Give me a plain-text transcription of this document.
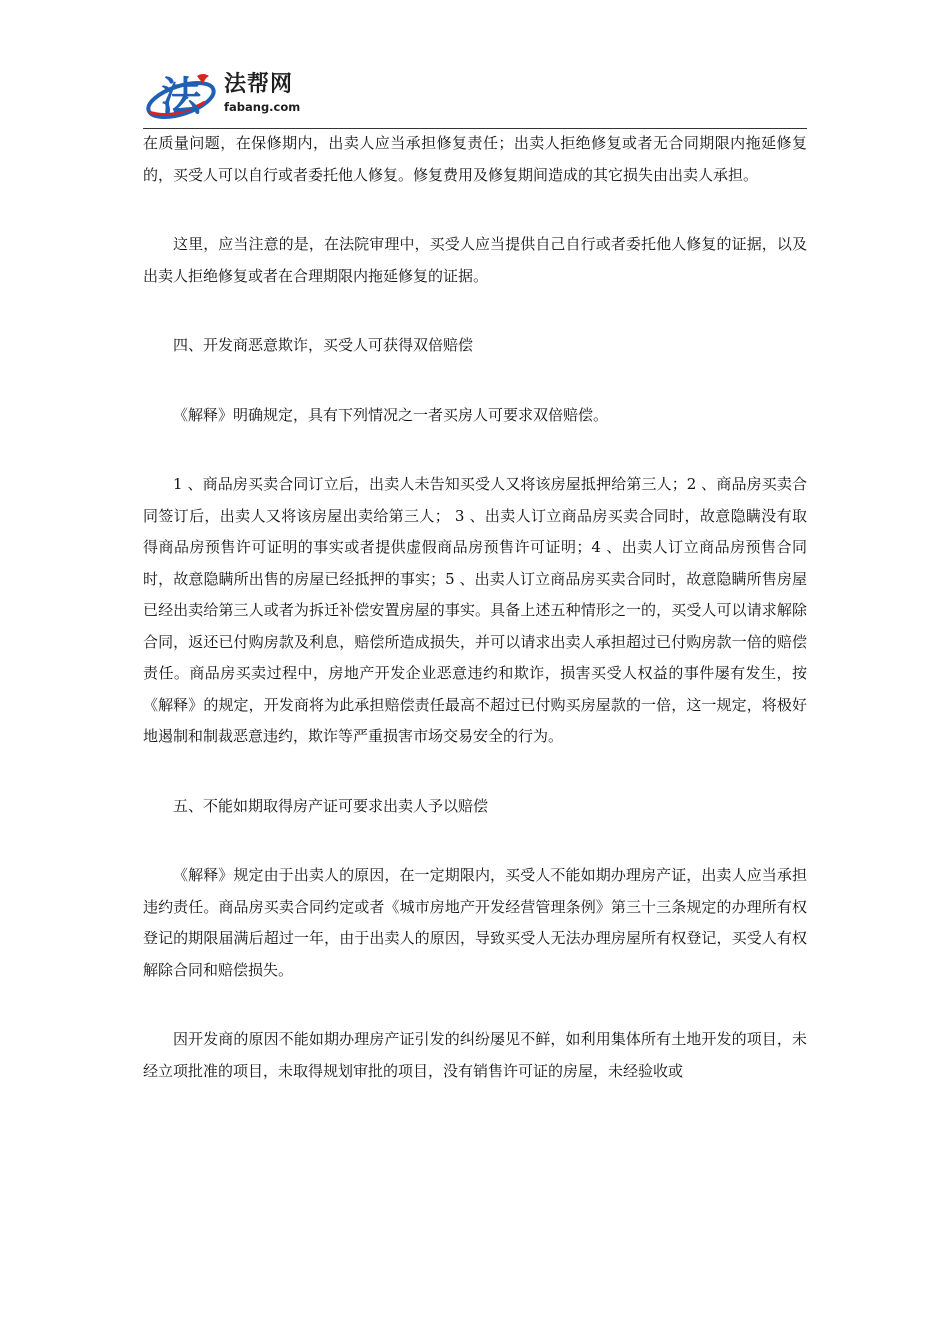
法 法帮网
fabang.com

在质量问题，在保修期内，出卖人应当承担修复责任；出卖人拒绝修复或者无合同期限内拖延修复的，买受人可以自行或者委托他人修复。修复费用及修复期间造成的其它损失由出卖人承担。

这里，应当注意的是，在法院审理中，买受人应当提供自己自行或者委托他人修复的证据，以及出卖人拒绝修复或者在合理期限内拖延修复的证据。

四、开发商恶意欺诈，买受人可获得双倍赔偿

《解释》明确规定，具有下列情况之一者买房人可要求双倍赔偿。

1 、商品房买卖合同订立后，出卖人未告知买受人又将该房屋抵押给第三人；2 、商品房买卖合同签订后，出卖人又将该房屋出卖给第三人； 3 、出卖人订立商品房买卖合同时，故意隐瞒没有取得商品房预售许可证明的事实或者提供虚假商品房预售许可证明；4 、出卖人订立商品房预售合同时，故意隐瞒所出售的房屋已经抵押的事实；5 、出卖人订立商品房买卖合同时，故意隐瞒所售房屋已经出卖给第三人或者为拆迁补偿安置房屋的事实。具备上述五种情形之一的，买受人可以请求解除合同，返还已付购房款及利息，赔偿所造成损失，并可以请求出卖人承担超过已付购房款一倍的赔偿责任。商品房买卖过程中，房地产开发企业恶意违约和欺诈，损害买受人权益的事件屡有发生，按《解释》的规定，开发商将为此承担赔偿责任最高不超过已付购买房屋款的一倍，这一规定，将极好地遏制和制裁恶意违约，欺诈等严重损害市场交易安全的行为。

五、不能如期取得房产证可要求出卖人予以赔偿

《解释》规定由于出卖人的原因，在一定期限内，买受人不能如期办理房产证，出卖人应当承担违约责任。商品房买卖合同约定或者《城市房地产开发经营管理条例》第三十三条规定的办理所有权登记的期限届满后超过一年，由于出卖人的原因，导致买受人无法办理房屋所有权登记，买受人有权解除合同和赔偿损失。

因开发商的原因不能如期办理房产证引发的纠纷屡见不鲜，如利用集体所有土地开发的项目，未经立项批准的项目，未取得规划审批的项目，没有销售许可证的房屋，未经验收或
